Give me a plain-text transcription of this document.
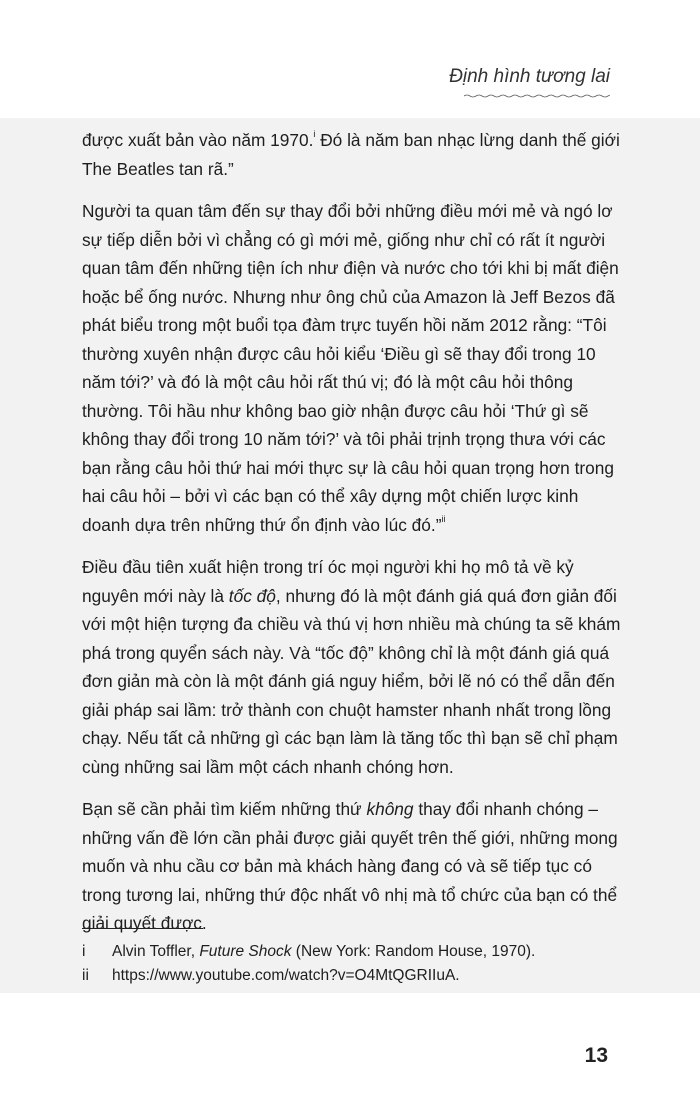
Định hình tương lai

được xuất bản vào năm 1970.$^i$ Đó là năm ban nhạc lừng danh thế giới The Beatles tan rã.”

Người ta quan tâm đến sự thay đổi bởi những điều mới mẻ và ngó lơ sự tiếp diễn bởi vì chẳng có gì mới mẻ, giống như chỉ có rất ít người quan tâm đến những tiện ích như điện và nước cho tới khi bị mất điện hoặc bể ống nước. Nhưng như ông chủ của Amazon là Jeff Bezos đã phát biểu trong một buổi tọa đàm trực tuyến hồi năm 2012 rằng: “Tôi thường xuyên nhận được câu hỏi kiểu ‘Điều gì sẽ thay đổi trong 10 năm tới?’ và đó là một câu hỏi rất thú vị; đó là một câu hỏi thông thường. Tôi hầu như không bao giờ nhận được câu hỏi ‘Thứ gì sẽ không thay đổi trong 10 năm tới?’ và tôi phải trịnh trọng thưa với các bạn rằng câu hỏi thứ hai mới thực sự là câu hỏi quan trọng hơn trong hai câu hỏi – bởi vì các bạn có thể xây dựng một chiến lược kinh doanh dựa trên những thứ ổn định vào lúc đó.”$^{ii}$

Điều đầu tiên xuất hiện trong trí óc mọi người khi họ mô tả về kỷ nguyên mới này là tốc độ, nhưng đó là một đánh giá quá đơn giản đối với một hiện tượng đa chiều và thú vị hơn nhiều mà chúng ta sẽ khám phá trong quyển sách này. Và “tốc độ” không chỉ là một đánh giá quá đơn giản mà còn là một đánh giá nguy hiểm, bởi lẽ nó có thể dẫn đến giải pháp sai lầm: trở thành con chuột hamster nhanh nhất trong lồng chạy. Nếu tất cả những gì các bạn làm là tăng tốc thì bạn sẽ chỉ phạm cùng những sai lầm một cách nhanh chóng hơn.

Bạn sẽ cần phải tìm kiếm những thứ không thay đổi nhanh chóng – những vấn đề lớn cần phải được giải quyết trên thế giới, những mong muốn và nhu cầu cơ bản mà khách hàng đang có và sẽ tiếp tục có trong tương lai, những thứ độc nhất vô nhị mà tổ chức của bạn có thể giải quyết được.

i	Alvin Toffler, Future Shock (New York: Random House, 1970).
ii	https://www.youtube.com/watch?v=O4MtQGRIIuA.
13
